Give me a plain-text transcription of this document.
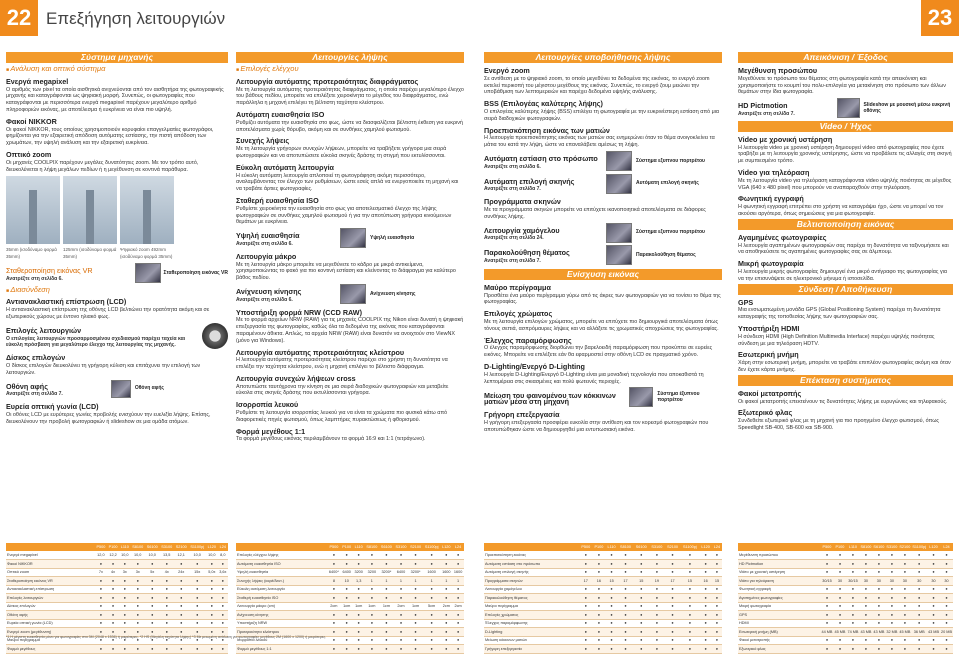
22 Επεξήγηση λειτουργιών	23
Σύστημα μηχανής
■ Ανάλυση και οπτικό σύστημα
Ενεργά megapixel
Ο αριθμός των pixel τα οποία αισθητικά ανιχνεύονται από τον αισθητήρα της φωτογραφικής μηχανής και καταγράφονται ως ψηφιακή μορφή. Συνεπώς, οι φωτογραφίες που καταγράφονται με περισσότερα ενεργά megapixel παρέχουν μεγαλύτερο αριθμό πληροφοριών εικόνας, με αποτέλεσμα ή ευκρίνεια να είναι πιο υψηλή.
Φακοί NIKKOR
Οι φακοί NIKKOR, τους οποίους χρησιμοποιούν κορυφαίοι επαγγελματίες φωτογράφοι, φημίζονται για την εξαιρετική απόδοση αυτόματης εστίασης, την πιστή απόδοση των χρωμάτων, την υψηλή ανάλυση και την εξαιρετική ευκρίνεια.
Οπτικό zoom
Οι μηχανές COOLPIX παρέχουν μεγάλες δυνατότητες zoom. Με τον τρόπο αυτό, διευκολύνεται η λήψη μεγάλων πεδίων ή η μεγέθυνση σε κοντινά παράθυρα.
35mm (ισοδύναμο φορμά 35mm)
125mm (ισοδύναμο φορμά 35mm)
Ψηφιακό zoom 492mm (ισοδύναμο φορμά 35mm)
Σταθεροποίηση εικόνας VR
Ανατρέξτε στη σελίδα 6.
Σταθεροποίηση εικόνας VR
■ Διασύνδεση
Αντιανακλαστική επίστρωση (LCD)
Η αντιανακλαστική επίστρωση της οθόνης LCD βελτιώνει την ορατότητα ακόμη και σε εξωτερικούς χώρους με έντονο ηλιακό φως.
Επιλογές λειτουργιών
Ο επιλογέας λειτουργιών προσαρμοσμένου σχεδιασμού παρέχει ταχεία και εύκολη πρόσβαση για μεγαλύτερο έλεγχο της λειτουργίας της μηχανής.
Δίσκος επιλογών
Ο δίσκος επιλογών διευκολύνει τη γρήγορη κύλιση και επιτάχυνει την επιλογή των λειτουργιών.
Οθόνη αφής
Ανατρέξτε στη σελίδα 7.
Οθόνη αφής
Ευρεία οπτική γωνία (LCD)
Οι οθόνες LCD με ευρύτερες γωνίες προβολής ενισχύουν την ευελιξία λήψης. Επίσης, διευκολύνουν την προβολή φωτογραφιών ή slideshow σε μια ομάδα ατόμων.
Λειτουργίες λήψης
■ Επιλογές ελέγχου
Λειτουργία αυτόματης προτεραιότητας διαφράγματος
Με τη λειτουργία αυτόματης προτεραιότητας διαφράγματος, η οποία παρέχει μεγαλύτερο έλεγχο του βάθους πεδίου, μπορείτε να επιλέξετε χειροκίνητα το μέγεθος του διαφράγματος, ενώ παράλληλα η μηχανή επιλέγει τη βέλτιστη ταχύτητα κλείστρου.
Αυτόματη ευαισθησία ISO
Ρυθμίζει αυτόματα την ευαισθησία στο φως, ώστε να διασφαλίζεται βέλτιστη έκθεση για ευκρινή αποτελέσματα χωρίς θόρυβο, ακόμη και σε συνθήκες χαμηλού φωτισμού.
Συνεχής λήψεις
Με τη λειτουργία γρήγορων συνεχών λήψεων, μπορείτε να τραβήξετε γρήγορα μια σειρά φωτογραφιών και να αποτυπώσετε εύκολα σκηνές δράσης τη στιγμή που εκτυλίσσονται.
Εύκολη αυτόματη λειτουργία
Η εύκολη αυτόματη λειτουργία απλοποιεί τη φωτογράφηση ακόμη περισσότερο, αναλαμβάνοντας τον έλεγχο των ρυθμίσεων, ώστε εσείς απλά να ενεργοποιείτε τη μηχανή και να τραβάτε άρτιες φωτογραφίες.
Σταθερή ευαισθησία ISO
Ρυθμίστε χειροκίνητα την ευαισθησία στο φως για αποτελεσματικό έλεγχο της λήψης φωτογραφιών σε συνθήκες χαμηλού φωτισμού ή για την αποτύπωση γρήγορα κινούμενων θεμάτων με ευκρίνεια.
Υψηλή ευαισθησία
Ανατρέξτε στη σελίδα 6.
Υψηλή ευαισθησία
Λειτουργία μάκρο
Με τη λειτουργία μάκρο μπορείτε να μεγεθύνετε το κάδρο με μικρά αντικείμενα, χρησιμοποιώντας το φακό για πιο κοντινή εστίαση και κλείνοντας το διάφραγμα για καλύτερο βάθος πεδίου.
Ανίχνευση κίνησης
Ανατρέξτε στη σελίδα 6.
Ανίχνευση κίνησης
Υποστήριξη φορμά NRW (CCD RAW)
Με το φορμά αρχείων NRW (RAW) για τις μηχανές COOLPIX της Nikon είναι δυνατή η ψηφιακή επεξεργασία της φωτογραφίας, καθώς όλα τα δεδομένα της εικόνας που καταγράφονται παραμένουν άθικτα. Απλώς, τα αρχεία NRW (RAW) είναι δυνατόν να ανοιχτούν στο ViewNX (μόνο για Windows).
Λειτουργία αυτόματης προτεραιότητας κλείστρου
Η λειτουργία αυτόματης προτεραιότητας κλείστρου παρέχει στο χρήστη τη δυνατότητα να επιλέξει την ταχύτητα κλείστρου, ενώ η μηχανή επιλέγει το βέλτιστο διάφραγμα.
Λειτουργία συνεχών λήψεων cross
Αποτυπώστε ταυτόχρονα την κίνηση σε μια σειρά διαδοχικών φωτογραφιών και μεταβείτε εύκολα στις σκηνές δράσης που εκτυλίσσονται γρήγορα.
Ισορροπία λευκού
Ρυθμίστε τη λειτουργία ισορροπίας λευκού για να είναι τα χρώματα πιο φυσικά κάτω από διαφορετικές πηγές φωτισμού, όπως λαμπτήρες πυρακτώσεως ή φθορισμού.
Φορμά μεγέθους 1:1
Τα φορμά μεγέθους εικόνας περιλαμβάνουν τα φορμά 16:9 και 1:1 (τετράγωνο).
Λειτουργίες υποβοήθησης λήψης
Ενεργό zoom
Σε αντίθεση με το ψηφιακό zoom, το οποίο μεγεθύνει τα δεδομένα της εικόνας, το ενεργό zoom εκτελεί περικοπή του μέγιστου μεγέθους της εικόνας. Συνεπώς, το ενεργό ζουμ μειώνει την υποβάθμιση των λεπτομερειών και παρέχει δεδομένα υψηλής ανάλυσης.
BSS (Επιλογέας καλύτερης λήψης)
Ο επιλογέας καλύτερης λήψης (BSS) επιλέγει τη φωτογραφία με την ευκρινέστερη εστίαση από μια σειρά διαδοχικών φωτογραφιών.
Προεπισκόπηση εικόνας των ματιών
Η λειτουργία προεπισκόπησης εικόνας των ματιών σας ενημερώνει όταν το θέμα ανοιγοκλείνει τα μάτια του κατά την λήψη, ώστε να επαναλάβετε αμέσως τη λήψη.
Αυτόματη εστίαση στο πρόσωπο
Ανατρέξτε στη σελίδα 6.
Σύστημα εξυπνου πορτρέτου
Αυτόματη επιλογή σκηνής
Ανατρέξτε στη σελίδα 7.
Αυτόματη επιλογή σκηνής
Προγράμματα σκηνών
Με τα προγράμματα σκηνών μπορείτε να επιτύχετε ικανοποιητικά αποτελέσματα σε διάφορες συνθήκες λήψης.
Λειτουργία χαμόγελου
Ανατρέξτε στη σελίδα 24.
Σύστημα εξυπνου πορτρέτου
Παρακολούθηση θέματος
Ανατρέξτε στη σελίδα 7.
Παρακολούθηση θέματος
Ενίσχυση εικόνας
Μαύρο περίγραμμα
Προσθέτει ένα μαύρο περίγραμμα γύρω από τις άκρες των φωτογραφιών για να τονίσει το θέμα της φωτογραφίας.
Επιλογές χρώματος
Με τη λειτουργία επιλογών χρώματος, μπορείτε να επιτύχετε πιο δημιουργικά αποτελέσματα όπως τόνους σεπιά, ασπρόμαυρες λήψεις και να αλλάξετε τις χρωματικές αποχρώσεις της φωτογραφίας.
Έλεγχος παραμόρφωσης
Ο έλεγχος παραμόρφωσης διορθώνει την βαρελοειδή παραμόρφωση που προκύπτει σε ευρείες εικόνες. Μπορείτε να επιλέξετε εάν θα εφαρμοστεί στην οθόνη LCD σε πραγματικό χρόνο.
D-Lighting/Ενεργό D-Lighting
Η λειτουργία D-Lighting/Ενεργό D-Lighting είναι μια μοναδική τεχνολογία που αποκαθιστά τη λεπτομέρεια στις σκιασμένες και πολύ φωτεινές περιοχές.
Μείωση του φαινομένου των κόκκινων ματιών μέσα στη μηχανή
Σύστημα έξυπνου πορτρέτου
Γρήγορη επεξεργασία
Η γρήγορη επεξεργασία προσφέρει ευκολία στην αντίθεση και τον κορεσμό φωτογραφιών που αποτυπώθηκαν ώστε να δημιουργηθεί μια εντυπωσιακή εικόνα.
Απεικόνιση / Έξοδος
Μεγέθυνση προσώπου
Μεγεθύνετε το πρόσωπο του θέματος στη φωτογραφία κατά την απεικόνιση και χρησιμοποιήστε το κουμπί του πολυ-επιλογέα για μετακίνηση στο πρόσωπο των άλλων θεμάτων στην ίδια φωτογραφία.
HD Pictmotion
Ανατρέξτε στη σελίδα 7.
Slideshow με μουσική μέσω ευκρινή οθόνης
Video / Ήχος
Video με χρονική υστέρηση
Η λειτουργία video με χρονική υστέρηση δημιουργεί video από φωτογραφίες που έχετε τραβήξει με τη λειτουργία χρονικής υστέρησης, ώστε να προβάλετε τις αλλαγές στη σκηνή με συμπιεσμένο τρόπο.
Video για τηλεόραση
Με τη λειτουργία video για τηλεόραση καταγράφονται video υψηλής ποιότητας σε μέγεθος VGA (640 x 480 pixel) που μπορούν να αναπαραχθούν στην τηλεόραση.
Φωνητική εγγραφή
Η φωνητική εγγραφή επιτρέπει στο χρήστη να καταγράψει ήχο, ώστε να μπορεί να τον ακούσει αργότερα, όπως σημειώσεις για μια φωτογραφία.
Βελτιστοποίηση εικόνας
Αγαμημένες φωτογραφίες
Η λειτουργία αγαπημένων φωτογραφιών σας παρέχει τη δυνατότητα να ταξινομήσετε και να αποθηκεύσετε τις αγαπημένες φωτογραφίες σας σε άλμπουμ.
Μικρή φωτογραφία
Η λειτουργία μικρής φωτογραφίας δημιουργεί ένα μικρό αντίγραφο της φωτογραφίας για να την επισυνάψετε σε ηλεκτρονικό μήνυμα ή ιστοσελίδα.
Σύνδεση / Αποθήκευση
GPS
Μια ενσωματωμένη μονάδα GPS (Global Positioning System) παρέχει τη δυνατότητα καταγραφής της τοποθεσίας λήψης των φωτογραφιών σας.
Υποστήριξη HDMI
Η σύνδεση HDMI (High Definition Multimedia Interface) παρέχει υψηλής ποιότητας σύνδεση με μια τηλεόραση HDTV.
Εσωτερική μνήμη
Χάρη στην εσωτερική μνήμη, μπορείτε να τραβάτε επιπλέον φωτογραφίες ακόμη και όταν δεν έχετε κάρτα μνήμης.
Επέκταση συστήματος
Φακοί μετατροπής
Οι φακοί μετατροπής επεκτείνουν τις δυνατότητες λήψης με ευρυγώνιες και τηλεφακούς.
Εξωτερικό φλας
Συνδεθείτε εξωτερικό φλας με τη μηχανή για πιο προηγμένο έλεγχο φωτισμού, όπως Speedlight SB-400, SB-600 και SB-900.
	P500	P100	L110	S8100	S6100	S3100	S2100	S1100pj	L120	L24
Ενεργά megapixel	12,0	12,2	10,0	10,0	10,0	13,5	12,1	10,0	10,0	8,0
Φακοί NIKKOR	●	●	●	●	●	●	●	●	●	●
Οπτικό zoom	7x	4x	3x	3x	5x	4x	24x	15x	5,0x	3,6x
Σταθεροποίηση εικόνας VR	●	●	●	●	●	●	●	●	●	●
Αντιανακλαστική επίστρωση	●	●	●	●	●	●	●	●	●	●
Επιλογές λειτουργιών	●	●	●	●	●	●	●	●	●	●
Δίσκος επιλογών	●	●	●	●	●	●	●	●	●	●
Οθόνη αφής	●	●	●	●	●	●	●	●	●	●
Ευρεία οπτική γωνία (LCD)	●	●	●	●	●	●	●	●	●	●
Ενεργό zoom (μεγέθυνση)	●	●	●	●	●	●	●	●	●	●
Μαύρο περίγραμμα	●	●	●	●	●	●	●	●	●	●
Φορμά μεγέθους	●	●	●	●	●	●	●	●	●	●
	P500	P100	L110	S8100	S6100	S3100	S2100	S1100pj	L120	L24
Επιλογές ελέγχου λήψης	●	●	●	●	●	●	●	●	●	●
Αυτόματη ευαισθησία ISO	●	●	●	●	●	●	●	●	●	●
Υψηλή ευαισθησία	6400*	6400	3200	3200	3200*	6400	3200*	1600	1600	1600
Συνεχής λήψεις (καρέ/δευτ.)	8	10	1,3	1	1	1	1	1	1	1
Εύκολη αυτόματη λειτουργία	●	●	●	●	●	●	●	●	●	●
Σταθερή ευαισθησία ISO	●	●	●	●	●	●	●	●	●	●
Λειτουργία μάκρο (cm)	2cm	1cm	1cm	1cm	1cm	2cm	1cm	5cm	2cm	2cm
Ανίχνευση κίνησης	●	●	●	●	●	●	●	●	●	●
Υποστήριξη NRW	●	●	●	●	●	●	●	●	●	●
Προτεραιότητα κλείστρου	●	●	●	●	●	●	●	●	●	●
Ισορροπία λευκού	●	●	●	●	●	●	●	●	●	●
Φορμά μεγέθους 1:1	●	●	●	●	●	●	●	●	●	●
	P500	P100	L110	S8100	S6100	S3100	S2100	S1100pj	L120	L24
Προεπισκόπηση εικόνας	●	●	●	●	●	●	●	●	●	●
Αυτόματη εστίαση στο πρόσωπο	●	●	●	●	●	●	●	●	●	●
Αυτόματη επιλογή σκηνής	●	●	●	●	●	●	●	●	●	●
Προγράμματα σκηνών	17	16	15	17	15	19	17	15	16	15
Λειτουργία χαμόγελου	●	●	●	●	●	●	●	●	●	●
Παρακολούθηση θέματος	●	●	●	●	●	●	●	●	●	●
Μαύρο περίγραμμα	●	●	●	●	●	●	●	●	●	●
Επιλογές χρώματος	●	●	●	●	●	●	●	●	●	●
Έλεγχος παραμόρφωσης	●	●	●	●	●	●	●	●	●	●
D-Lighting	●	●	●	●	●	●	●	●	●	●
Μείωση κόκκινων ματιών	●	●	●	●	●	●	●	●	●	●
Γρήγορη επεξεργασία	●	●	●	●	●	●	●	●	●	●
	P500	P100	L110	S8100	S6100	S3100	S2100	S1100pj	L120	L24
Μεγέθυνση προσώπου	●	●	●	●	●	●	●	●	●	●
HD Pictmotion	●	●	●	●	●	●	●	●	●	●
Video με χρονική υστέρηση	●	●	●	●	●	●	●	●	●	●
Video για τηλεόραση	30/15	30	30/15	30	30	30	30	30	30	30
Φωνητική εγγραφή	●	●	●	●	●	●	●	●	●	●
Αγαπημένες φωτογραφίες	●	●	●	●	●	●	●	●	●	●
Μικρή φωτογραφία	●	●	●	●	●	●	●	●	●	●
GPS	●	●	●	●	●	●	●	●	●	●
HDMI	●	●	●	●	●	●	●	●	●	●
Εσωτερική μνήμη (MB)	44 MB	45 MB	74 MB	43 MB	43 MB	32 MB	45 MB	36 MB	43 MB	20 MB
Φακοί μετατροπής	●	●	●	●	●	●	●	●	●	●
Εξωτερικό φλας	●	●	●	●	●	●	●	●	●	●
*1 Η μέγιστη ευαισθησία μόνο για φωτογραφίες στα 3M (2048 x 1536) ή μικρότερες. *2 HS (Μεγάλη ταχύτητα λήψης) *3 Με μειωμένη ανάλυση για φωτογραφίες μεγέθους 2M (1600 x 1200) ή μικρότερες.
